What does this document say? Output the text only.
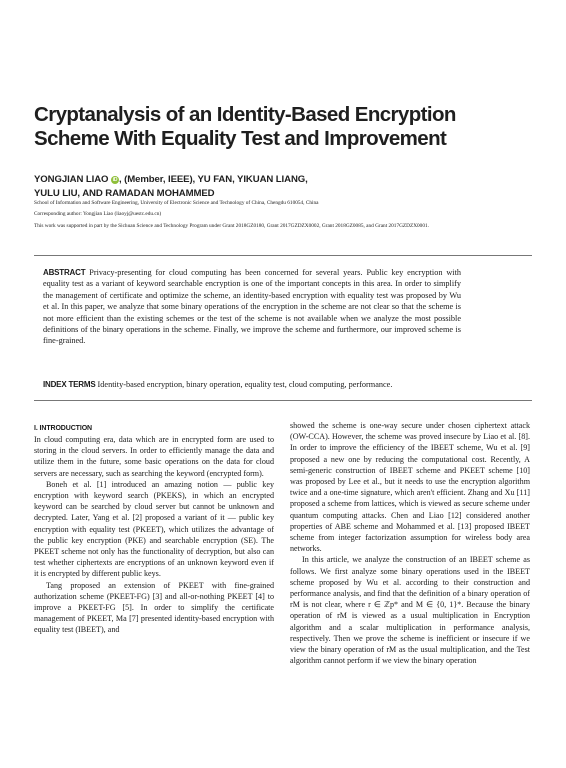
Cryptanalysis of an Identity-Based Encryption Scheme With Equality Test and Improvement
YONGJIAN LIAO iD , (Member, IEEE), YU FAN, YIKUAN LIANG,
YULU LIU, AND RAMADAN MOHAMMED
School of Information and Software Engineering, University of Electronic Science and Technology of China, Chengdu 610054, China
Corresponding author: Yongjian Liao (liaoyj@uestc.edu.cn)
This work was supported in part by the Sichuan Science and Technology Program under Grant 2018GZ0180, Grant 2017GZDZX0002, Grant 2018GZ0085, and Grant 2017GZDZX0001.
ABSTRACT Privacy-presenting for cloud computing has been concerned for several years. Public key encryption with equality test as a variant of keyword searchable encryption is one of the important concepts in this area. In order to simplify the management of certificate and optimize the scheme, an identity-based encryption with equality test was proposed by Wu et al. In this paper, we analyze that some binary operations of the encryption in the scheme are not clear so that the scheme is not more efficient than the existing schemes or the test of the scheme is not available when we analyze the most possible definitions of the binary operations in the scheme. Finally, we improve the scheme and furthermore, our improved scheme is fine-grained.
INDEX TERMS Identity-based encryption, binary operation, equality test, cloud computing, performance.
I. INTRODUCTION

In cloud computing era, data which are in encrypted form are used to storing in the cloud servers. In order to efficiently manage the data and utilize them in the future, some basic operations on the data for cloud servers are necessary, such as searching the keyword (encrypted form).

Boneh et al. [1] introduced an amazing notion — public key encryption with keyword search (PKEKS), in which an encrypted keyword can be searched by cloud server but cannot be unknown and decrypted. Later, Yang et al. [2] proposed a variant of it — public key encryption with equality test (PKEET), which utilizes the advantage of the public key encryption (PKE) and searchable encryption (SE). The PKEET scheme not only has the functionality of decryption, but also can test whether ciphertexts are encryptions of an unknown keyword even if it is encrypted by different public keys.

Tang proposed an extension of PKEET with fine-grained authorization scheme (PKEET-FG) [3] and all-or-nothing PKEET [4] to improve a PKEET-FG [5]. In order to simplify the certificate management of PKEET, Ma [7] presented identity-based encryption with equality test (IBEET), and

showed the scheme is one-way secure under chosen ciphertext attack (OW-CCA). However, the scheme was proved insecure by Liao et al. [8]. In order to improve the efficiency of the IBEET scheme, Wu et al. [9] proposed a new one by reducing the computational cost. Recently, A semi-generic construction of IBEET scheme and PKEET scheme [10] was proposed by Lee et al., but it needs to use the encryption algorithm twice and a one-time signature, which aren't efficient. Zhang and Xu [11] proposed a scheme from lattices, which is viewed as secure scheme under quantum computing attacks. Chen and Liao [12] considered another properties of ABE scheme and Mohammed et al. [13] proposed IBEET scheme from integer factorization assumption for wireless body area networks.

In this article, we analyze the construction of an IBEET scheme as follows. We first analyze some binary operations used in the IBEET scheme proposed by Wu et al. according to their construction and performance analysis, and find that the definition of a binary operation of rM is not clear, where r ∈ ℤp* and M ∈ {0, 1}*. Because the binary operation of rM is viewed as a usual multiplication in Encryption algorithm and a scalar multiplication in performance analysis, respectively. Then we prove the scheme is inefficient or insecure if we view the binary operation of rM as the usual multiplication, and the Test algorithm cannot perform if we view the binary operation
